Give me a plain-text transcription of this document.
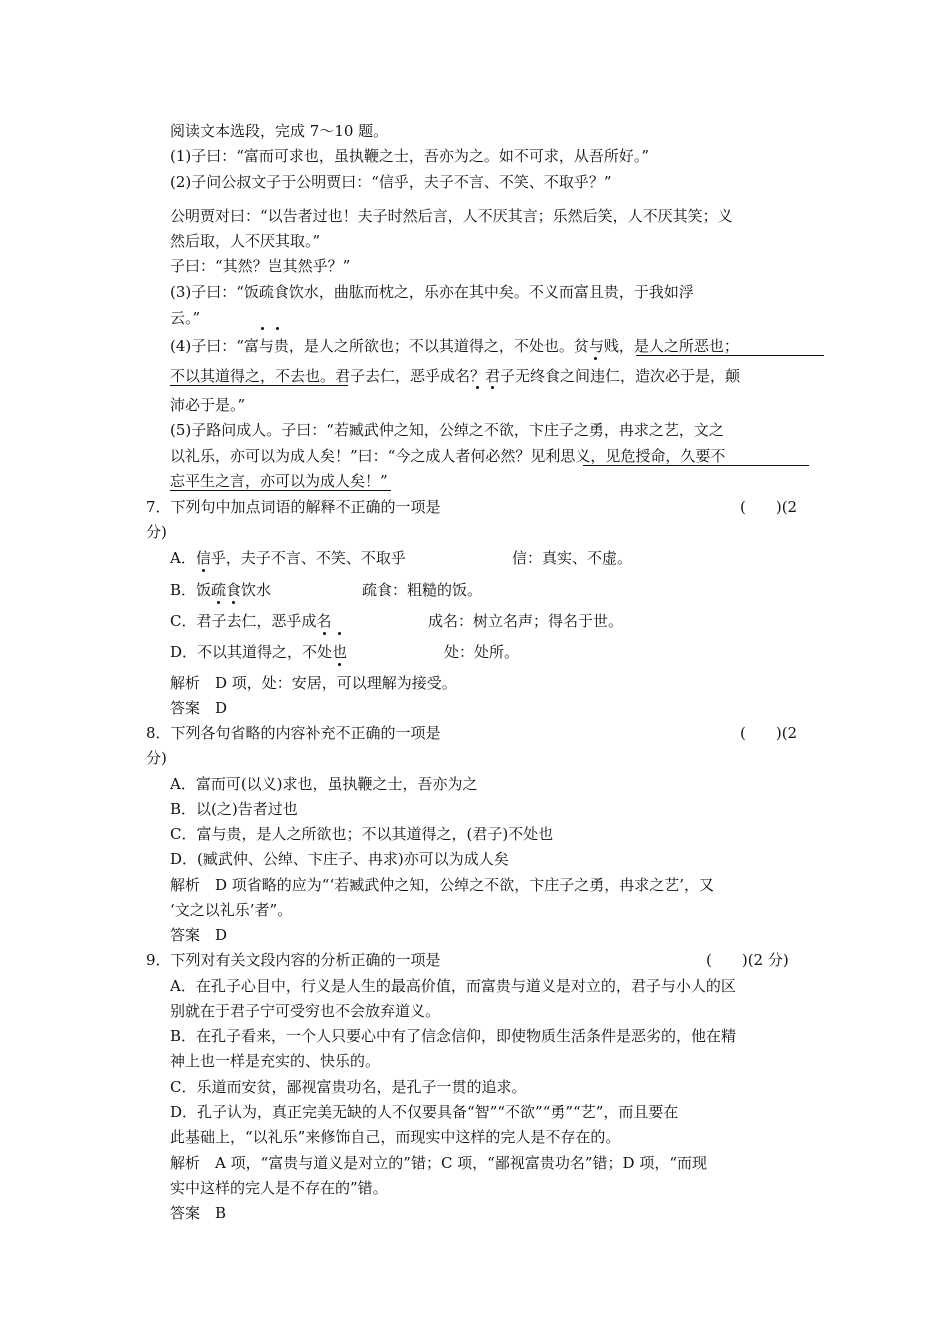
阅读文本选段，完成 7～10 题。
(1)子曰：“富而可求也，虽执鞭之士，吾亦为之。如不可求，从吾所好。”
(2)子问公叔文子于公明贾曰：“信乎，夫子不言、不笑、不取乎？”
公明贾对曰：“以告者过也！夫子时然后言，人不厌其言；乐然后笑，人不厌其笑；义
然后取，人不厌其取。”
子曰：“其然？岂其然乎？”
(3)子曰：“饭疏食饮水，曲肱而枕之，乐亦在其中矣。不义而富且贵，于我如浮
云。”
(4)子曰：“富与贵，是人之所欲也；不以其道得之，不处也。贫与贱，是人之所恶也；
不以其道得之，不去也。君子去仁，恶乎成名？君子无终食之间违仁，造次必于是，颠
沛必于是。”
(5)子路问成人。子曰：“若臧武仲之知，公绰之不欲，卞庄子之勇，冉求之艺，文之
以礼乐，亦可以为成人矣！”曰：“今之成人者何必然？见利思义，见危授命，久要不
忘平生之言，亦可以为成人矣！”
7．下列句中加点词语的解释不正确的一项是	(　　)(2
分)
A．信乎，夫子不言、不笑、不取乎	信：真实、不虚。
B．饭疏食饮水	疏食：粗糙的饭。
C．君子去仁，恶乎成名	成名：树立名声；得名于世。
D．不以其道得之，不处也	处：处所。
解析　D 项，处：安居，可以理解为接受。
答案　D
8．下列各句省略的内容补充不正确的一项是	(　　)(2
分)
A．富而可(以义)求也，虽执鞭之士，吾亦为之
B．以(之)告者过也
C．富与贵，是人之所欲也；不以其道得之，(君子)不处也
D．(臧武仲、公绰、卞庄子、冉求)亦可以为成人矣
解析　D 项省略的应为“‘若臧武仲之知，公绰之不欲，卞庄子之勇，冉求之艺’，又
‘文之以礼乐’者”。
答案　D
9．下列对有关文段内容的分析正确的一项是	(　　)(2 分)
A．在孔子心目中，行义是人生的最高价值，而富贵与道义是对立的，君子与小人的区
别就在于君子宁可受穷也不会放弃道义。
B．在孔子看来，一个人只要心中有了信念信仰，即使物质生活条件是恶劣的，他在精
神上也一样是充实的、快乐的。
C．乐道而安贫，鄙视富贵功名，是孔子一贯的追求。
D．孔子认为，真正完美无缺的人不仅要具备“智”“不欲”“勇”“艺”，而且要在
此基础上，“以礼乐”来修饰自己，而现实中这样的完人是不存在的。
解析　A 项，“富贵与道义是对立的”错；C 项，“鄙视富贵功名”错；D 项，“而现
实中这样的完人是不存在的”错。
答案　B
